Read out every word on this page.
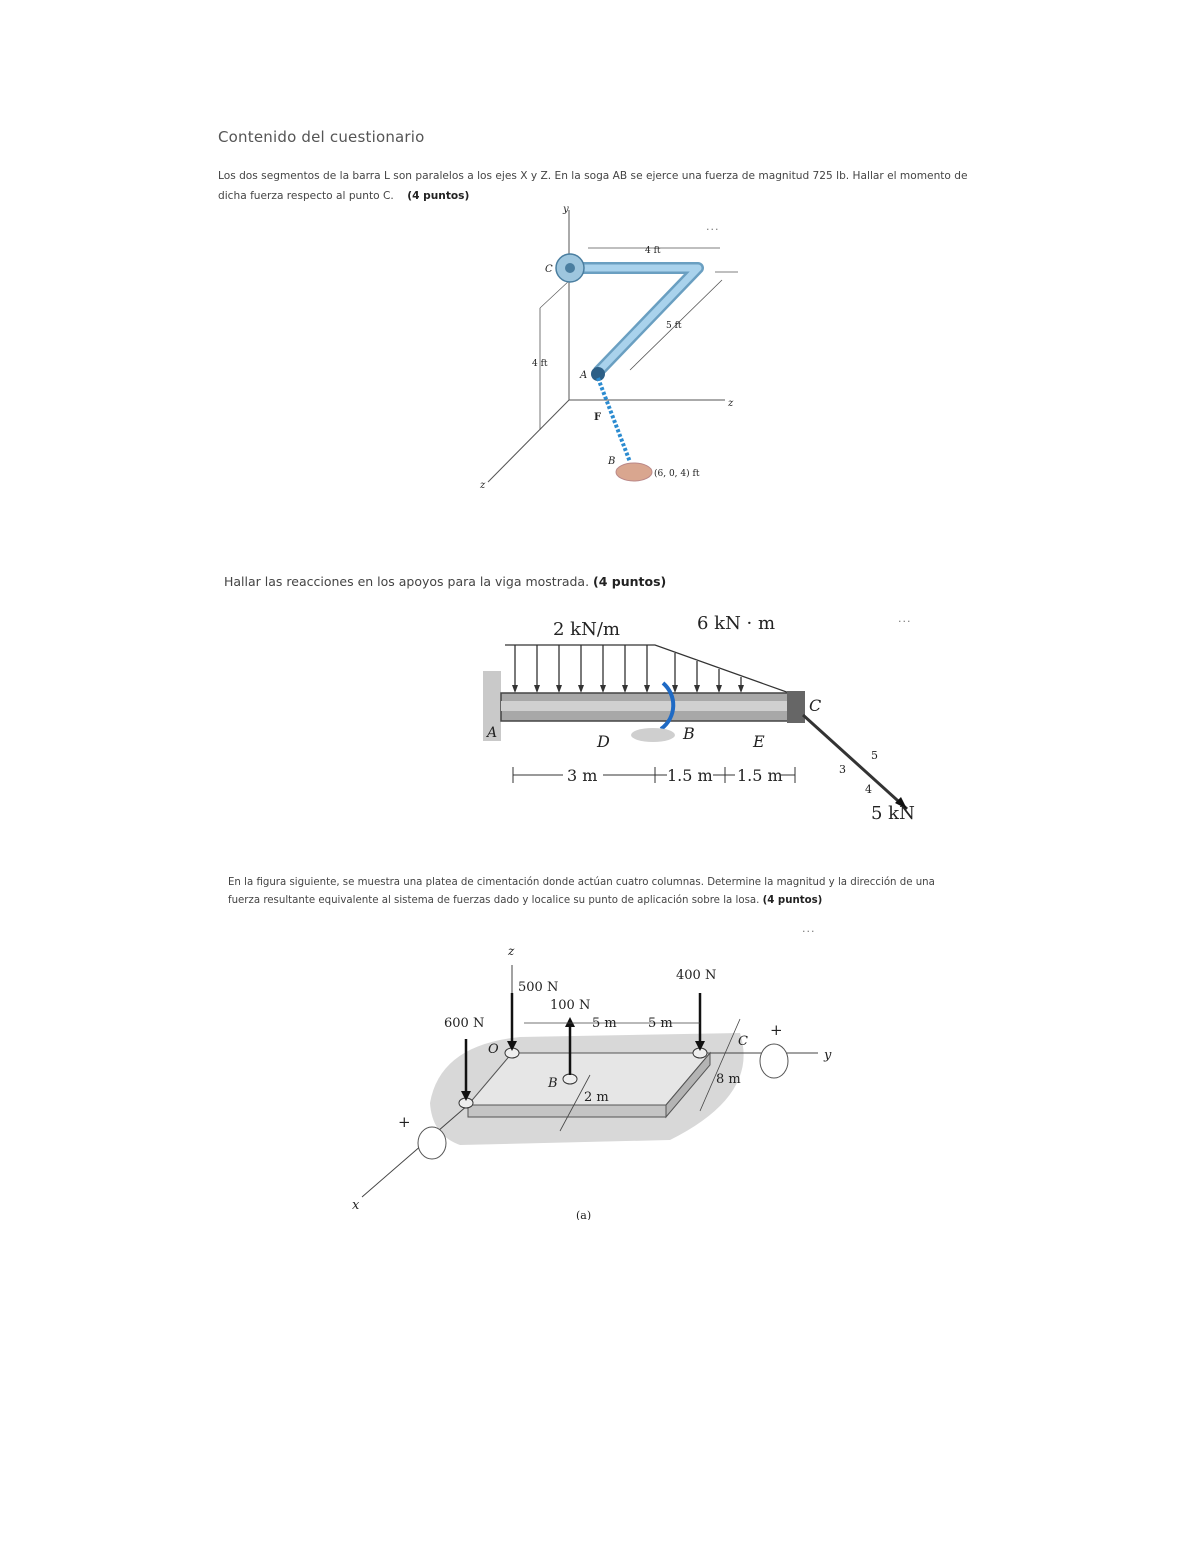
Contenido del cuestionario
Los dos segmentos de la barra L son paralelos a los ejes X y Z. En la soga AB se ejerce una fuerza de magnitud 725 lb. Hallar el momento de dicha fuerza respecto al punto C. (4 puntos)
...
y
z
z
4 ft
4 ft
5 ft
C
A
F
B
(6, 0, 4) ft
Hallar las reacciones en los apoyos para la viga mostrada. (4 puntos)
...
A
2 kN/m	6 kN · m
C
B
D	E
3 m	1.5 m 1.5 m	3
4
5
5 kN
En la figura siguiente, se muestra una platea de cimentación donde actúan cuatro columnas. Determine la magnitud y la dirección de una fuerza resultante equivalente al sistema de fuerzas dado y localice su punto de aplicación sobre la losa. (4 puntos)
...
z
y
x
500 N
400 N
100 N
600 N
O
B
C
5 m 5 m
8 m
2 m
+
+
(a)
